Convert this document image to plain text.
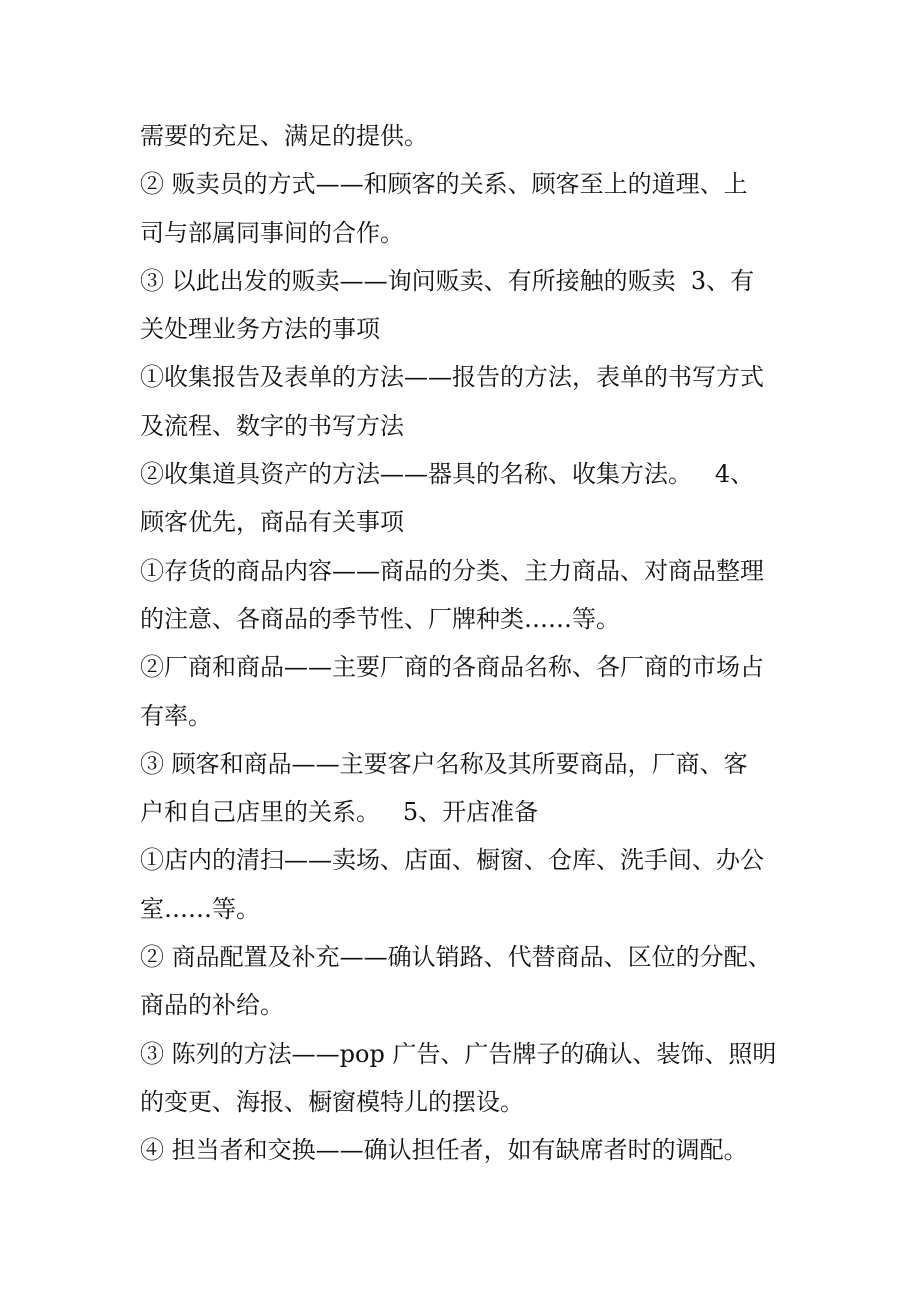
需要的充足、满足的提供。
② 贩卖员的方式——和顾客的关系、顾客至上的道理、上
司与部属同事间的合作。
③ 以此出发的贩卖——询问贩卖、有所接触的贩卖  3、有
关处理业务方法的事项
①收集报告及表单的方法——报告的方法，表单的书写方式
及流程、数字的书写方法
②收集道具资产的方法——器具的名称、收集方法。   4、
顾客优先，商品有关事项
①存货的商品内容——商品的分类、主力商品、对商品整理
的注意、各商品的季节性、厂牌种类……等。
②厂商和商品——主要厂商的各商品名称、各厂商的市场占
有率。
③ 顾客和商品——主要客户名称及其所要商品，厂商、客
户和自己店里的关系。   5、开店准备
①店内的清扫——卖场、店面、橱窗、仓库、洗手间、办公
室……等。
② 商品配置及补充——确认销路、代替商品、区位的分配、
商品的补给。
③ 陈列的方法——pop 广告、广告牌子的确认、装饰、照明
的变更、海报、橱窗模特儿的摆设。
④ 担当者和交换——确认担任者，如有缺席者时的调配。
